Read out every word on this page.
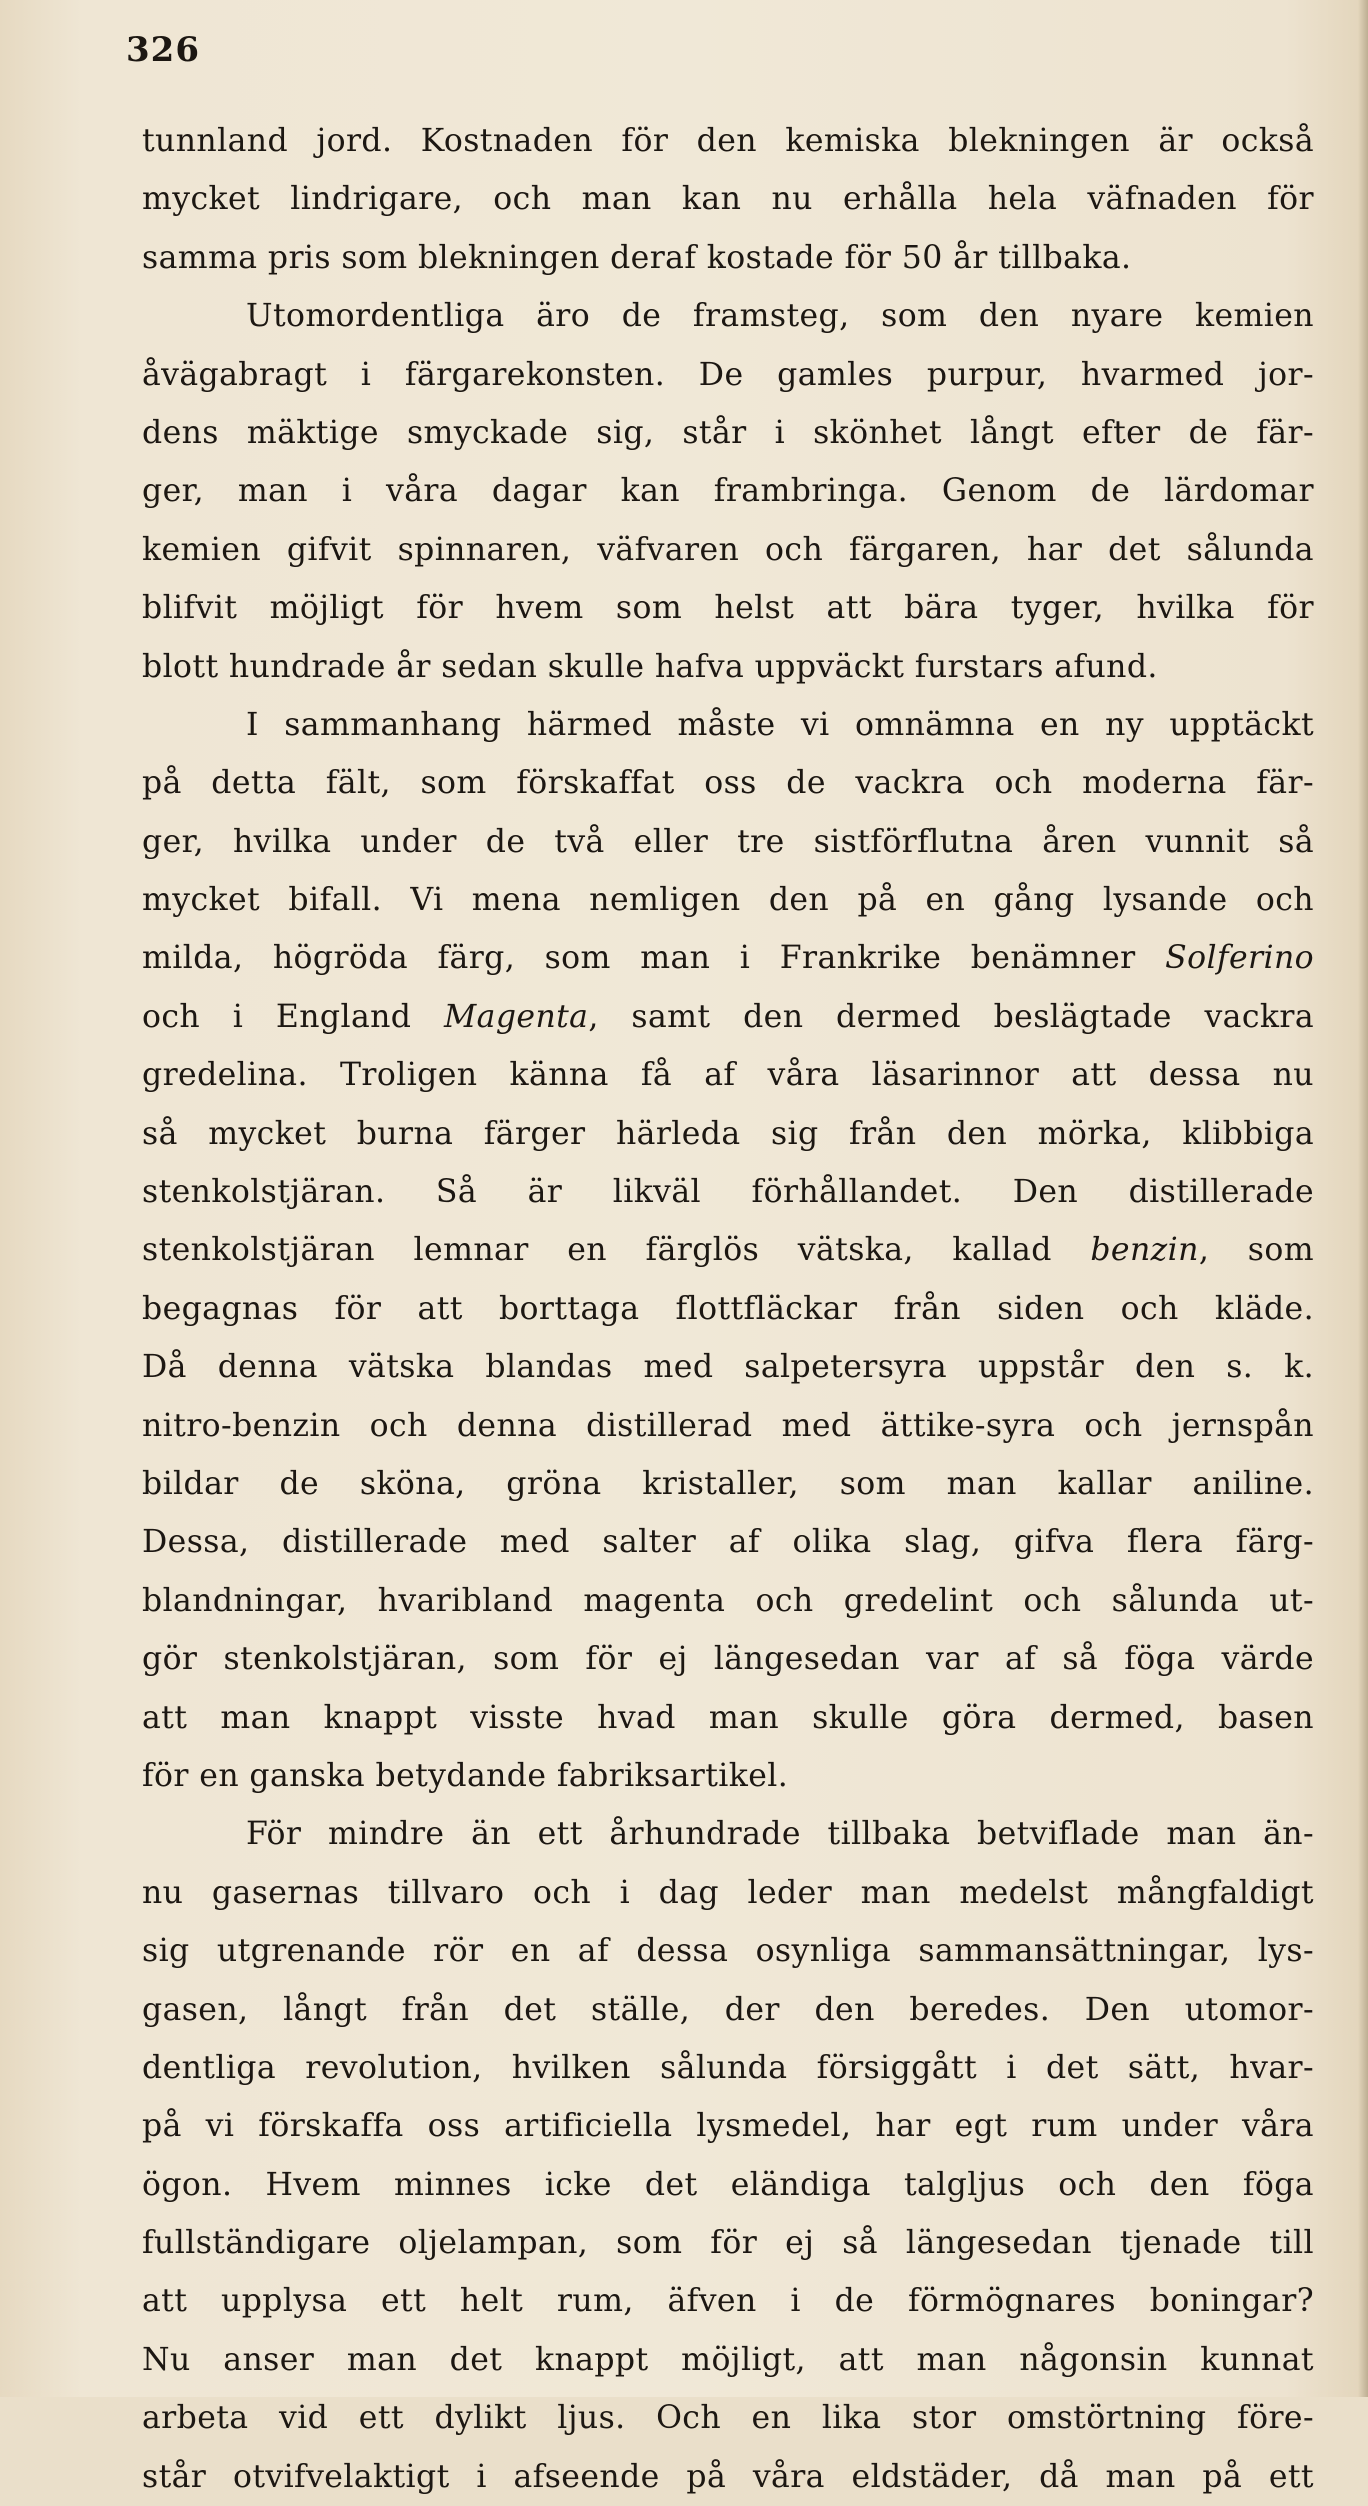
326
tunnland jord. Kostnaden för den kemiska blekningen är också
mycket lindrigare, och man kan nu erhålla hela väfnaden för
samma pris som blekningen deraf kostade för 50 år tillbaka.
Utomordentliga äro de framsteg, som den nyare kemien
åvägabragt i färgarekonsten. De gamles purpur, hvarmed jor-
dens mäktige smyckade sig, står i skönhet långt efter de fär-
ger, man i våra dagar kan frambringa. Genom de lärdomar
kemien gifvit spinnaren, väfvaren och färgaren, har det sålunda
blifvit möjligt för hvem som helst att bära tyger, hvilka för
blott hundrade år sedan skulle hafva uppväckt furstars afund.
I sammanhang härmed måste vi omnämna en ny upptäckt
på detta fält, som förskaffat oss de vackra och moderna fär-
ger, hvilka under de två eller tre sistförflutna åren vunnit så
mycket bifall. Vi mena nemligen den på en gång lysande och
milda, högröda färg, som man i Frankrike benämner Solferino
och i England Magenta, samt den dermed beslägtade vackra
gredelina. Troligen känna få af våra läsarinnor att dessa nu
så mycket burna färger härleda sig från den mörka, klibbiga
stenkolstjäran. Så är likväl förhållandet. Den distillerade
stenkolstjäran lemnar en färglös vätska, kallad benzin, som
begagnas för att borttaga flottfläckar från siden och kläde.
Då denna vätska blandas med salpetersyra uppstår den s. k.
nitro-benzin och denna distillerad med ättike-syra och jernspån
bildar de sköna, gröna kristaller, som man kallar aniline.
Dessa, distillerade med salter af olika slag, gifva flera färg-
blandningar, hvaribland magenta och gredelint och sålunda ut-
gör stenkolstjäran, som för ej längesedan var af så föga värde
att man knappt visste hvad man skulle göra dermed, basen
för en ganska betydande fabriksartikel.
För mindre än ett århundrade tillbaka betviflade man än-
nu gasernas tillvaro och i dag leder man medelst mångfaldigt
sig utgrenande rör en af dessa osynliga sammansättningar, lys-
gasen, långt från det ställe, der den beredes. Den utomor-
dentliga revolution, hvilken sålunda försiggått i det sätt, hvar-
på vi förskaffa oss artificiella lysmedel, har egt rum under våra
ögon. Hvem minnes icke det eländiga talgljus och den föga
fullständigare oljelampan, som för ej så längesedan tjenade till
att upplysa ett helt rum, äfven i de förmögnares boningar?
Nu anser man det knappt möjligt, att man någonsin kunnat
arbeta vid ett dylikt ljus. Och en lika stor omstörtning före-
står otvifvelaktigt i afseende på våra eldstäder, då man på ett
